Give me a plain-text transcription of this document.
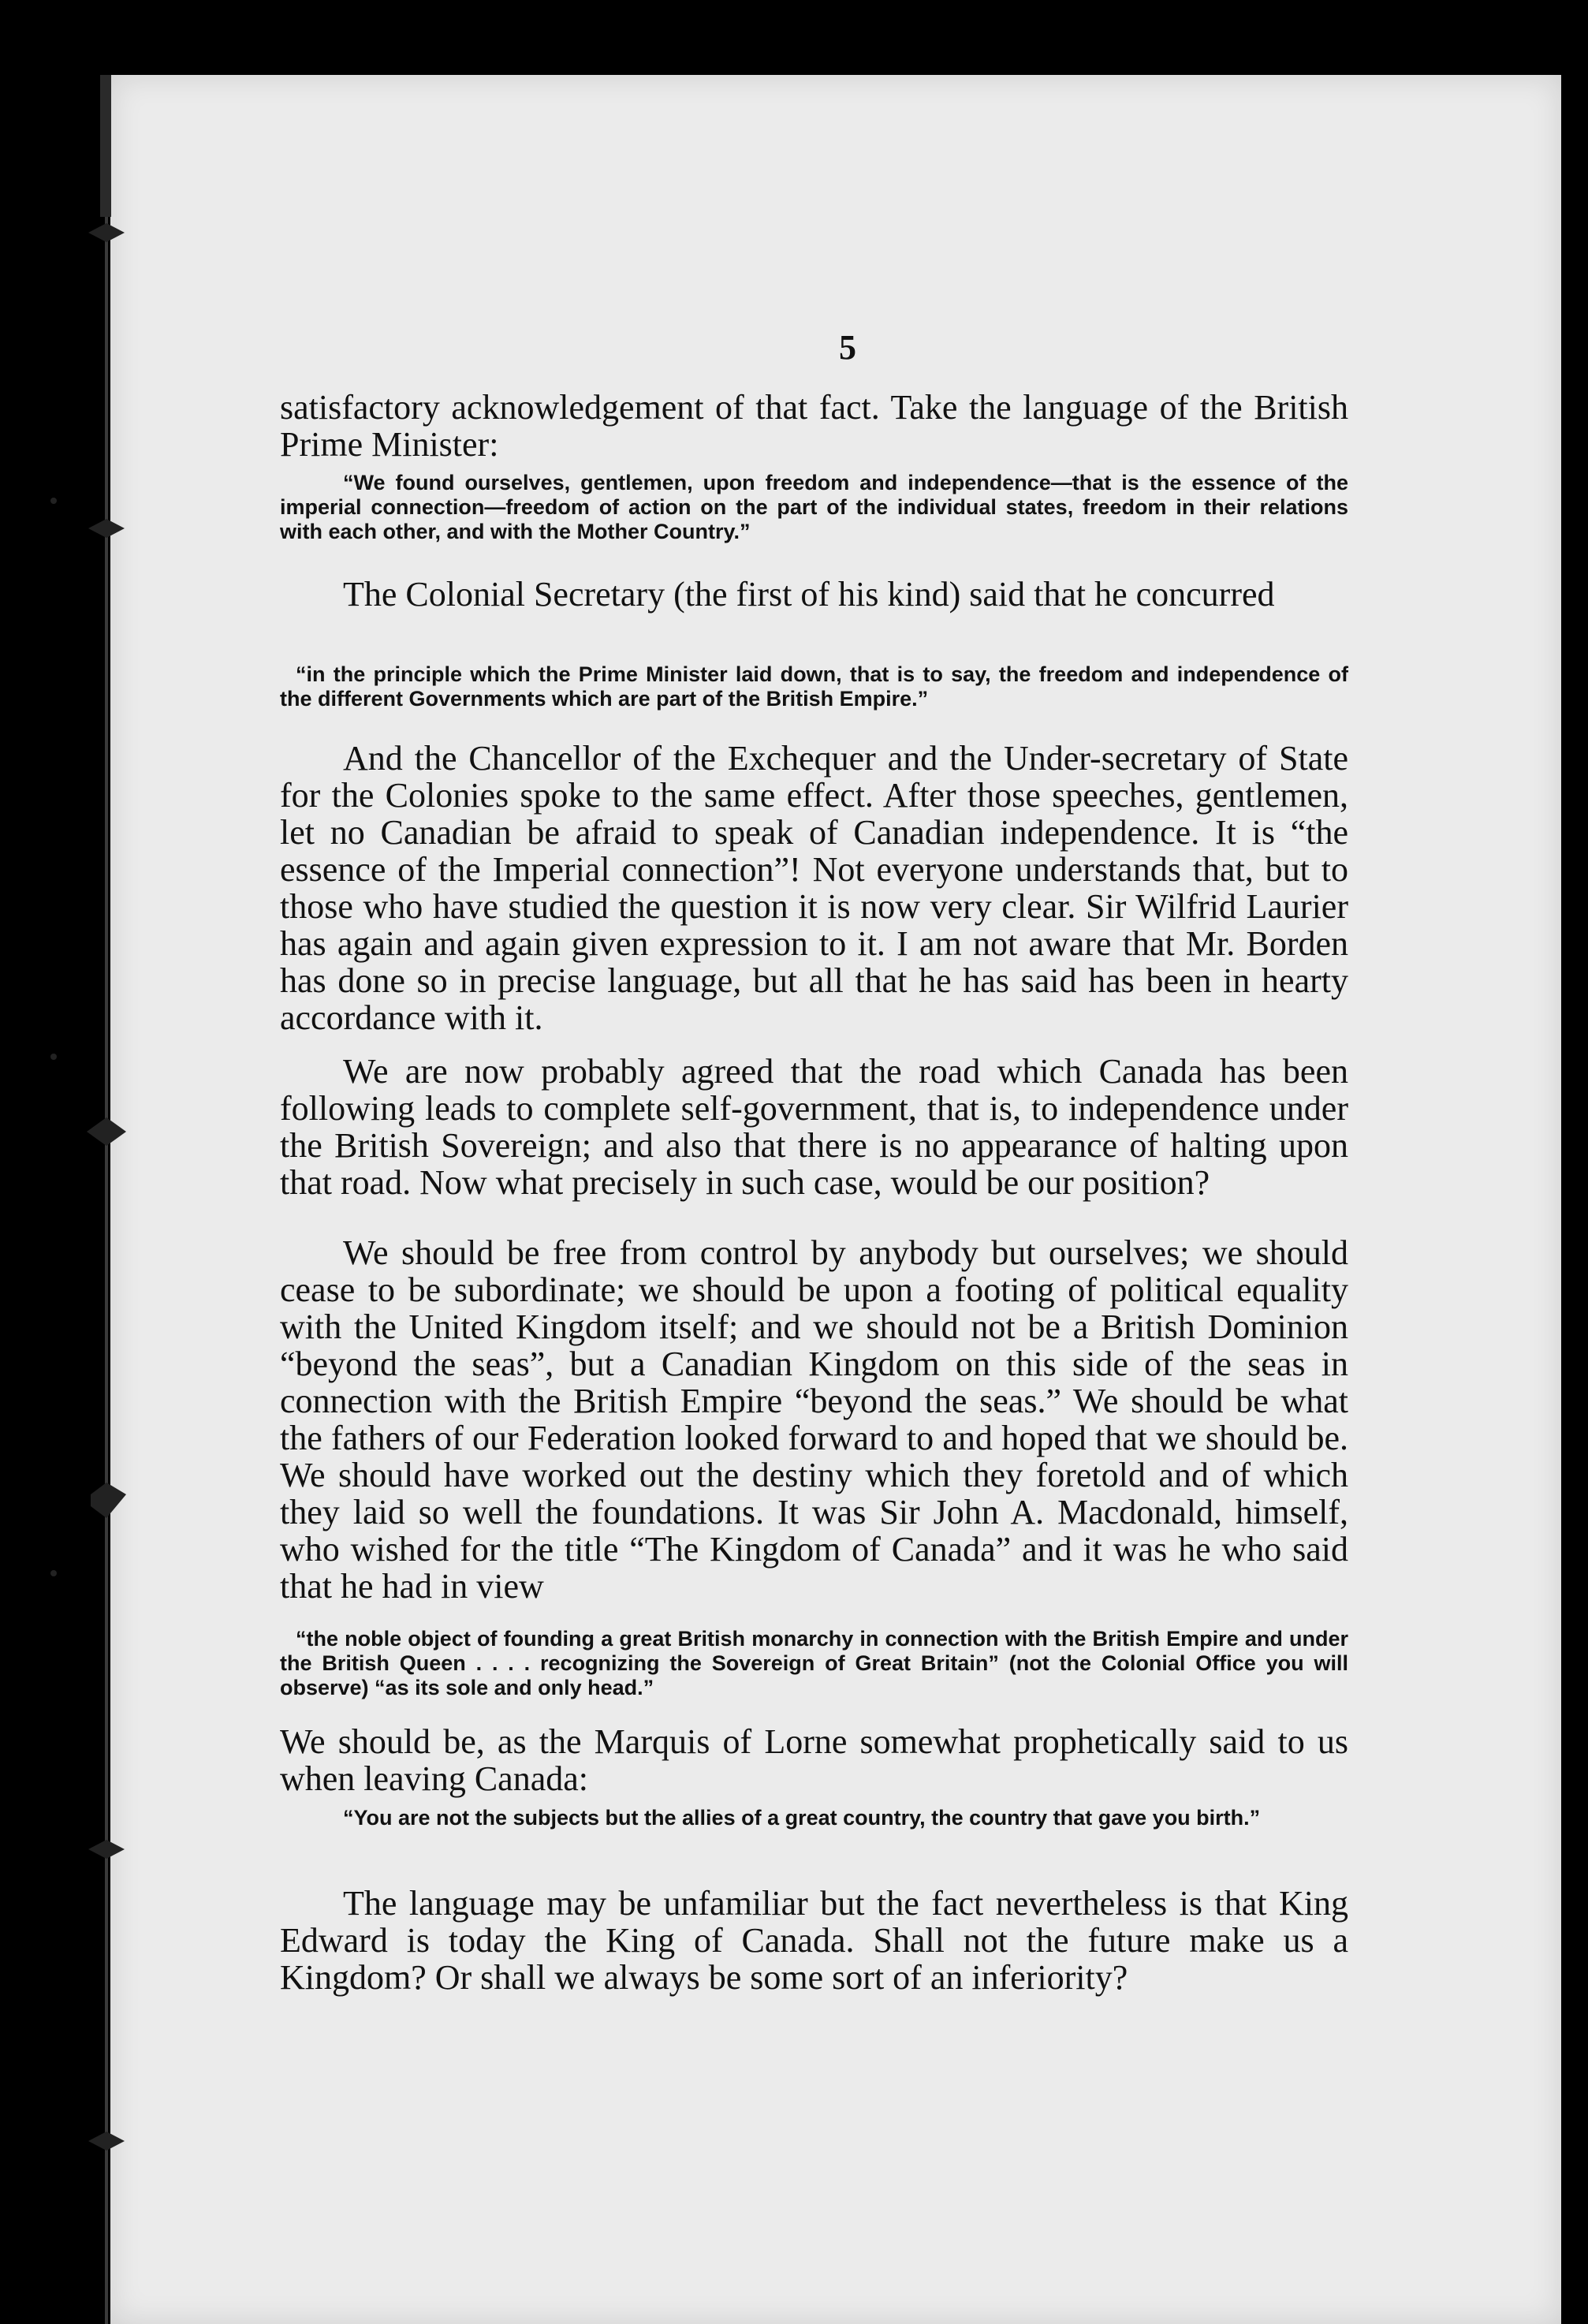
5

satisfactory acknowledgement of that fact. Take the language of the British Prime Minister:

“We found ourselves, gentlemen, upon freedom and independence—that is the essence of the imperial connection—freedom of action on the part of the individual states, freedom in their relations with each other, and with the Mother Country.”

The Colonial Secretary (the first of his kind) said that he concurred

“in the principle which the Prime Minister laid down, that is to say, the freedom and independence of the different Governments which are part of the British Empire.”

And the Chancellor of the Exchequer and the Under-secretary of State for the Colonies spoke to the same effect. After those speeches, gentlemen, let no Canadian be afraid to speak of Canadian independence. It is “the essence of the Imperial connection”! Not everyone understands that, but to those who have studied the question it is now very clear. Sir Wilfrid Laurier has again and again given expression to it. I am not aware that Mr. Borden has done so in precise language, but all that he has said has been in hearty accordance with it.

We are now probably agreed that the road which Canada has been following leads to complete self-government, that is, to independence under the British Sovereign; and also that there is no appearance of halting upon that road. Now what precisely in such case, would be our position?

We should be free from control by anybody but ourselves; we should cease to be subordinate; we should be upon a footing of political equality with the United Kingdom itself; and we should not be a British Dominion “beyond the seas”, but a Canadian Kingdom on this side of the seas in connection with the British Empire “beyond the seas.” We should be what the fathers of our Federation looked forward to and hoped that we should be. We should have worked out the destiny which they foretold and of which they laid so well the foundations. It was Sir John A. Macdonald, himself, who wished for the title “The Kingdom of Canada” and it was he who said that he had in view

“the noble object of founding a great British monarchy in connection with the British Empire and under the British Queen . . . . recognizing the Sovereign of Great Britain” (not the Colonial Office you will observe) “as its sole and only head.”

We should be, as the Marquis of Lorne somewhat prophetically said to us when leaving Canada:

“You are not the subjects but the allies of a great country, the country that gave you birth.”

The language may be unfamiliar but the fact nevertheless is that King Edward is today the King of Canada. Shall not the future make us a Kingdom? Or shall we always be some sort of an inferiority?
